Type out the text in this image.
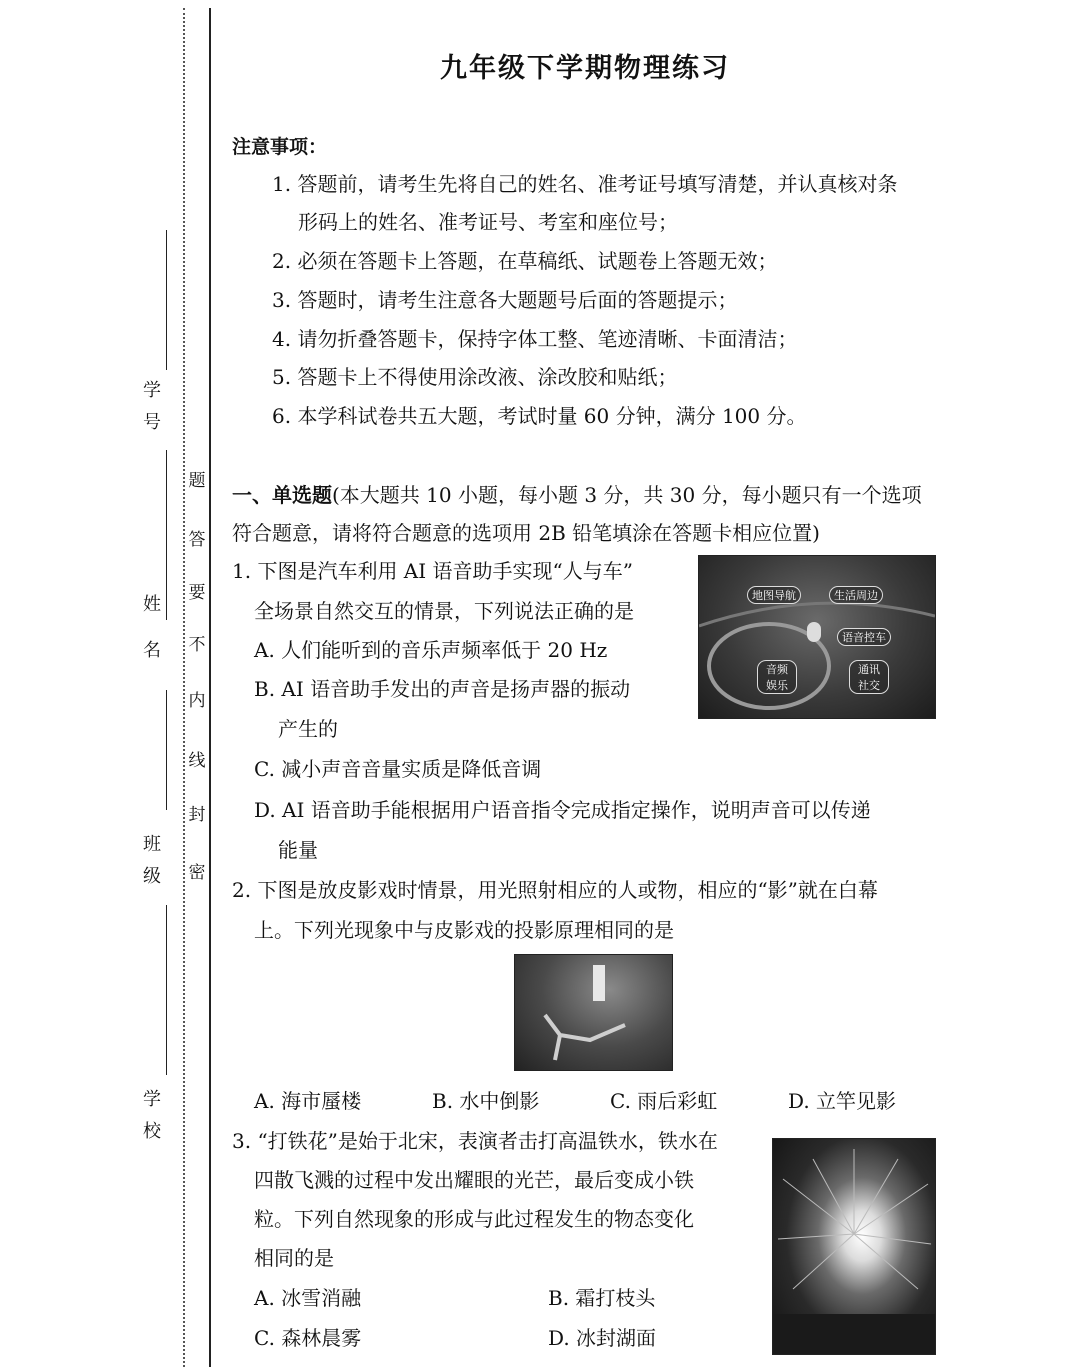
学
号
姓
名
班
级
学
校
题
答
要
不
内
线
封
密
九年级下学期物理练习
注意事项：
1. 答题前，请考生先将自己的姓名、准考证号填写清楚，并认真核对条
形码上的姓名、准考证号、考室和座位号；
2. 必须在答题卡上答题，在草稿纸、试题卷上答题无效；
3. 答题时，请考生注意各大题题号后面的答题提示；
4. 请勿折叠答题卡，保持字体工整、笔迹清晰、卡面清洁；
5. 答题卡上不得使用涂改液、涂改胶和贴纸；
6. 本学科试卷共五大题，考试时量 60 分钟，满分 100 分。
一、单选题(本大题共 10 小题，每小题 3 分，共 30 分，每小题只有一个选项符合题意，请将符合题意的选项用 2B 铅笔填涂在答题卡相应位置)
1. 下图是汽车利用 AI 语音助手实现“人与车”
全场景自然交互的情景，下列说法正确的是
A. 人们能听到的音乐声频率低于 20 Hz
B. AI 语音助手发出的声音是扬声器的振动
产生的
C. 减小声音音量实质是降低音调
D. AI 语音助手能根据用户语音指令完成指定操作，说明声音可以传递
能量
地图导航	生活周边
语音控车
音频娱乐
通讯社交
2. 下图是放皮影戏时情景，用光照射相应的人或物，相应的“影”就在白幕
上。下列光现象中与皮影戏的投影原理相同的是
A. 海市蜃楼	B. 水中倒影	C. 雨后彩虹	D. 立竿见影
3. “打铁花”是始于北宋，表演者击打高温铁水，铁水在
四散飞溅的过程中发出耀眼的光芒，最后变成小铁
粒。下列自然现象的形成与此过程发生的物态变化
相同的是
A. 冰雪消融	B. 霜打枝头
C. 森林晨雾	D. 冰封湖面
